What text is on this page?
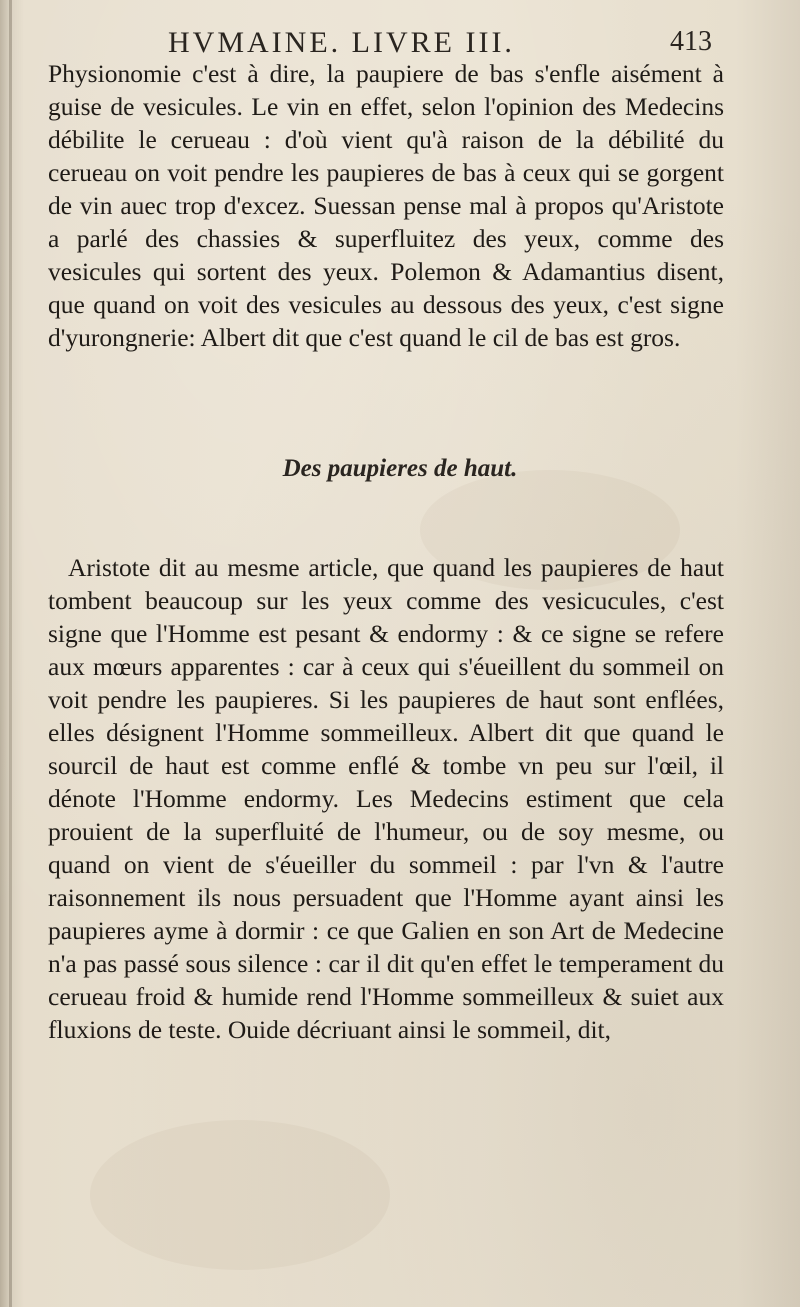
HVMAINE. LIVRE III.	413

Physionomie c'est à dire, la paupiere de bas s'enfle aisément à guise de vesicules. Le vin en effet, selon l'opinion des Medecins débilite le cerueau : d'où vient qu'à raison de la débilité du cerueau on voit pendre les paupieres de bas à ceux qui se gorgent de vin auec trop d'excez. Suessan pense mal à propos qu'Aristote a parlé des chassies & superfluitez des yeux, comme des vesicules qui sortent des yeux. Polemon & Adamantius disent, que quand on voit des vesicules au dessous des yeux, c'est signe d'yurongnerie: Albert dit que c'est quand le cil de bas est gros.

Des paupieres de haut.

Aristote dit au mesme article, que quand les paupieres de haut tombent beaucoup sur les yeux comme des vesicucules, c'est signe que l'Homme est pesant & endormy : & ce signe se refere aux mœurs apparentes : car à ceux qui s'éueillent du sommeil on voit pendre les paupieres. Si les paupieres de haut sont enflées, elles désignent l'Homme sommeilleux. Albert dit que quand le sourcil de haut est comme enflé & tombe vn peu sur l'œil, il dénote l'Homme endormy. Les Medecins estiment que cela prouient de la superfluité de l'humeur, ou de soy mesme, ou quand on vient de s'éueiller du sommeil : par l'vn & l'autre raisonnement ils nous persuadent que l'Homme ayant ainsi les paupieres ayme à dormir : ce que Galien en son Art de Medecine n'a pas passé sous silence : car il dit qu'en effet le temperament du cerueau froid & humide rend l'Homme sommeilleux & suiet aux fluxions de teste. Ouide décriuant ainsi le sommeil, dit,
